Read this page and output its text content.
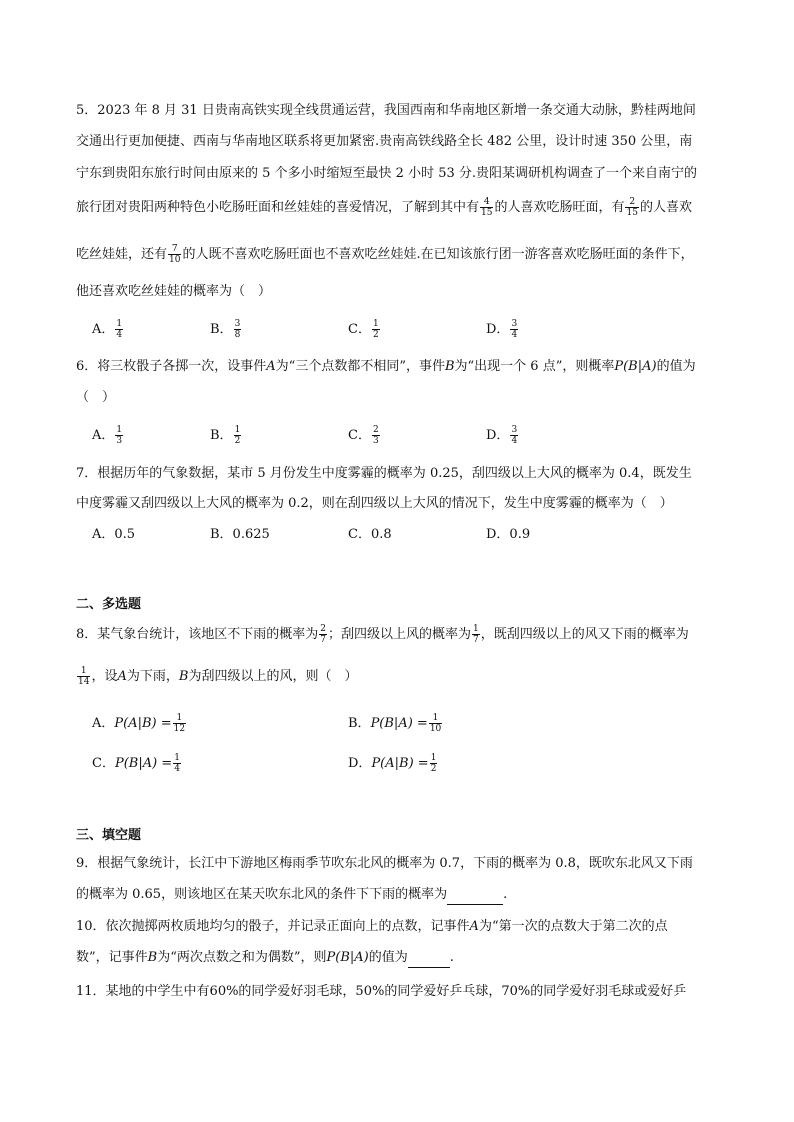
5．2023 年 8 月 31 日贵南高铁实现全线贯通运营，我国西南和华南地区新增一条交通大动脉，黔桂两地间
交通出行更加便捷、西南与华南地区联系将更加紧密.贵南高铁线路全长 482 公里，设计时速 350 公里，南
宁东到贵阳东旅行时间由原来的 5 个多小时缩短至最快 2 小时 53 分.贵阳某调研机构调查了一个来自南宁的
旅行团对贵阳两种特色小吃肠旺面和丝娃娃的喜爱情况，了解到其中有 $\frac{4}{15}$ 的人喜欢吃肠旺面，有 $\frac{2}{15}$ 的人喜欢
吃丝娃娃，还有 $\frac{7}{10}$ 的人既不喜欢吃肠旺面也不喜欢吃丝娃娃.在已知该旅行团一游客喜欢吃肠旺面的条件下，
他还喜欢吃丝娃娃的概率为（　）
A． $\frac{1}{4}$	B． $\frac{3}{8}$	C． $\frac{1}{2}$	D． $\frac{3}{4}$
6．将三枚骰子各掷一次，设事件A为“三个点数都不相同”，事件B为“出现一个 6 点”，则概率P(B|A)的值为
（　）
A． $\frac{1}{3}$	B． $\frac{1}{2}$	C． $\frac{2}{3}$	D． $\frac{3}{4}$
7．根据历年的气象数据，某市 5 月份发生中度雾霾的概率为 0.25，刮四级以上大风的概率为 0.4，既发生
中度雾霾又刮四级以上大风的概率为 0.2，则在刮四级以上大风的情况下，发生中度雾霾的概率为（　）
A．0.5	B．0.625	C．0.8	D．0.9
二、多选题
8．某气象台统计，该地区不下雨的概率为 $\frac{2}{7}$ ；刮四级以上风的概率为 $\frac{1}{7}$ ，既刮四级以上的风又下雨的概率为
$\frac{1}{14}$ ，设A为下雨，B为刮四级以上的风，则（　）
A．$P(A|B) = \frac{1}{12}$	B．$P(B|A) = \frac{1}{10}$
C．$P(B|A) = \frac{1}{4}$	D．$P(A|B) = \frac{1}{2}$
三、填空题
9．根据气象统计，长江中下游地区梅雨季节吹东北风的概率为 0.7，下雨的概率为 0.8，既吹东北风又下雨
的概率为 0.65，则该地区在某天吹东北风的条件下下雨的概率为	.
10．依次抛掷两枚质地均匀的骰子，并记录正面向上的点数，记事件A为“第一次的点数大于第二次的点
数”，记事件B为“两次点数之和为偶数”，则P(B|A)的值为	.
11．某地的中学生中有60%的同学爱好羽毛球，50%的同学爱好乒乓球，70%的同学爱好羽毛球或爱好乒
